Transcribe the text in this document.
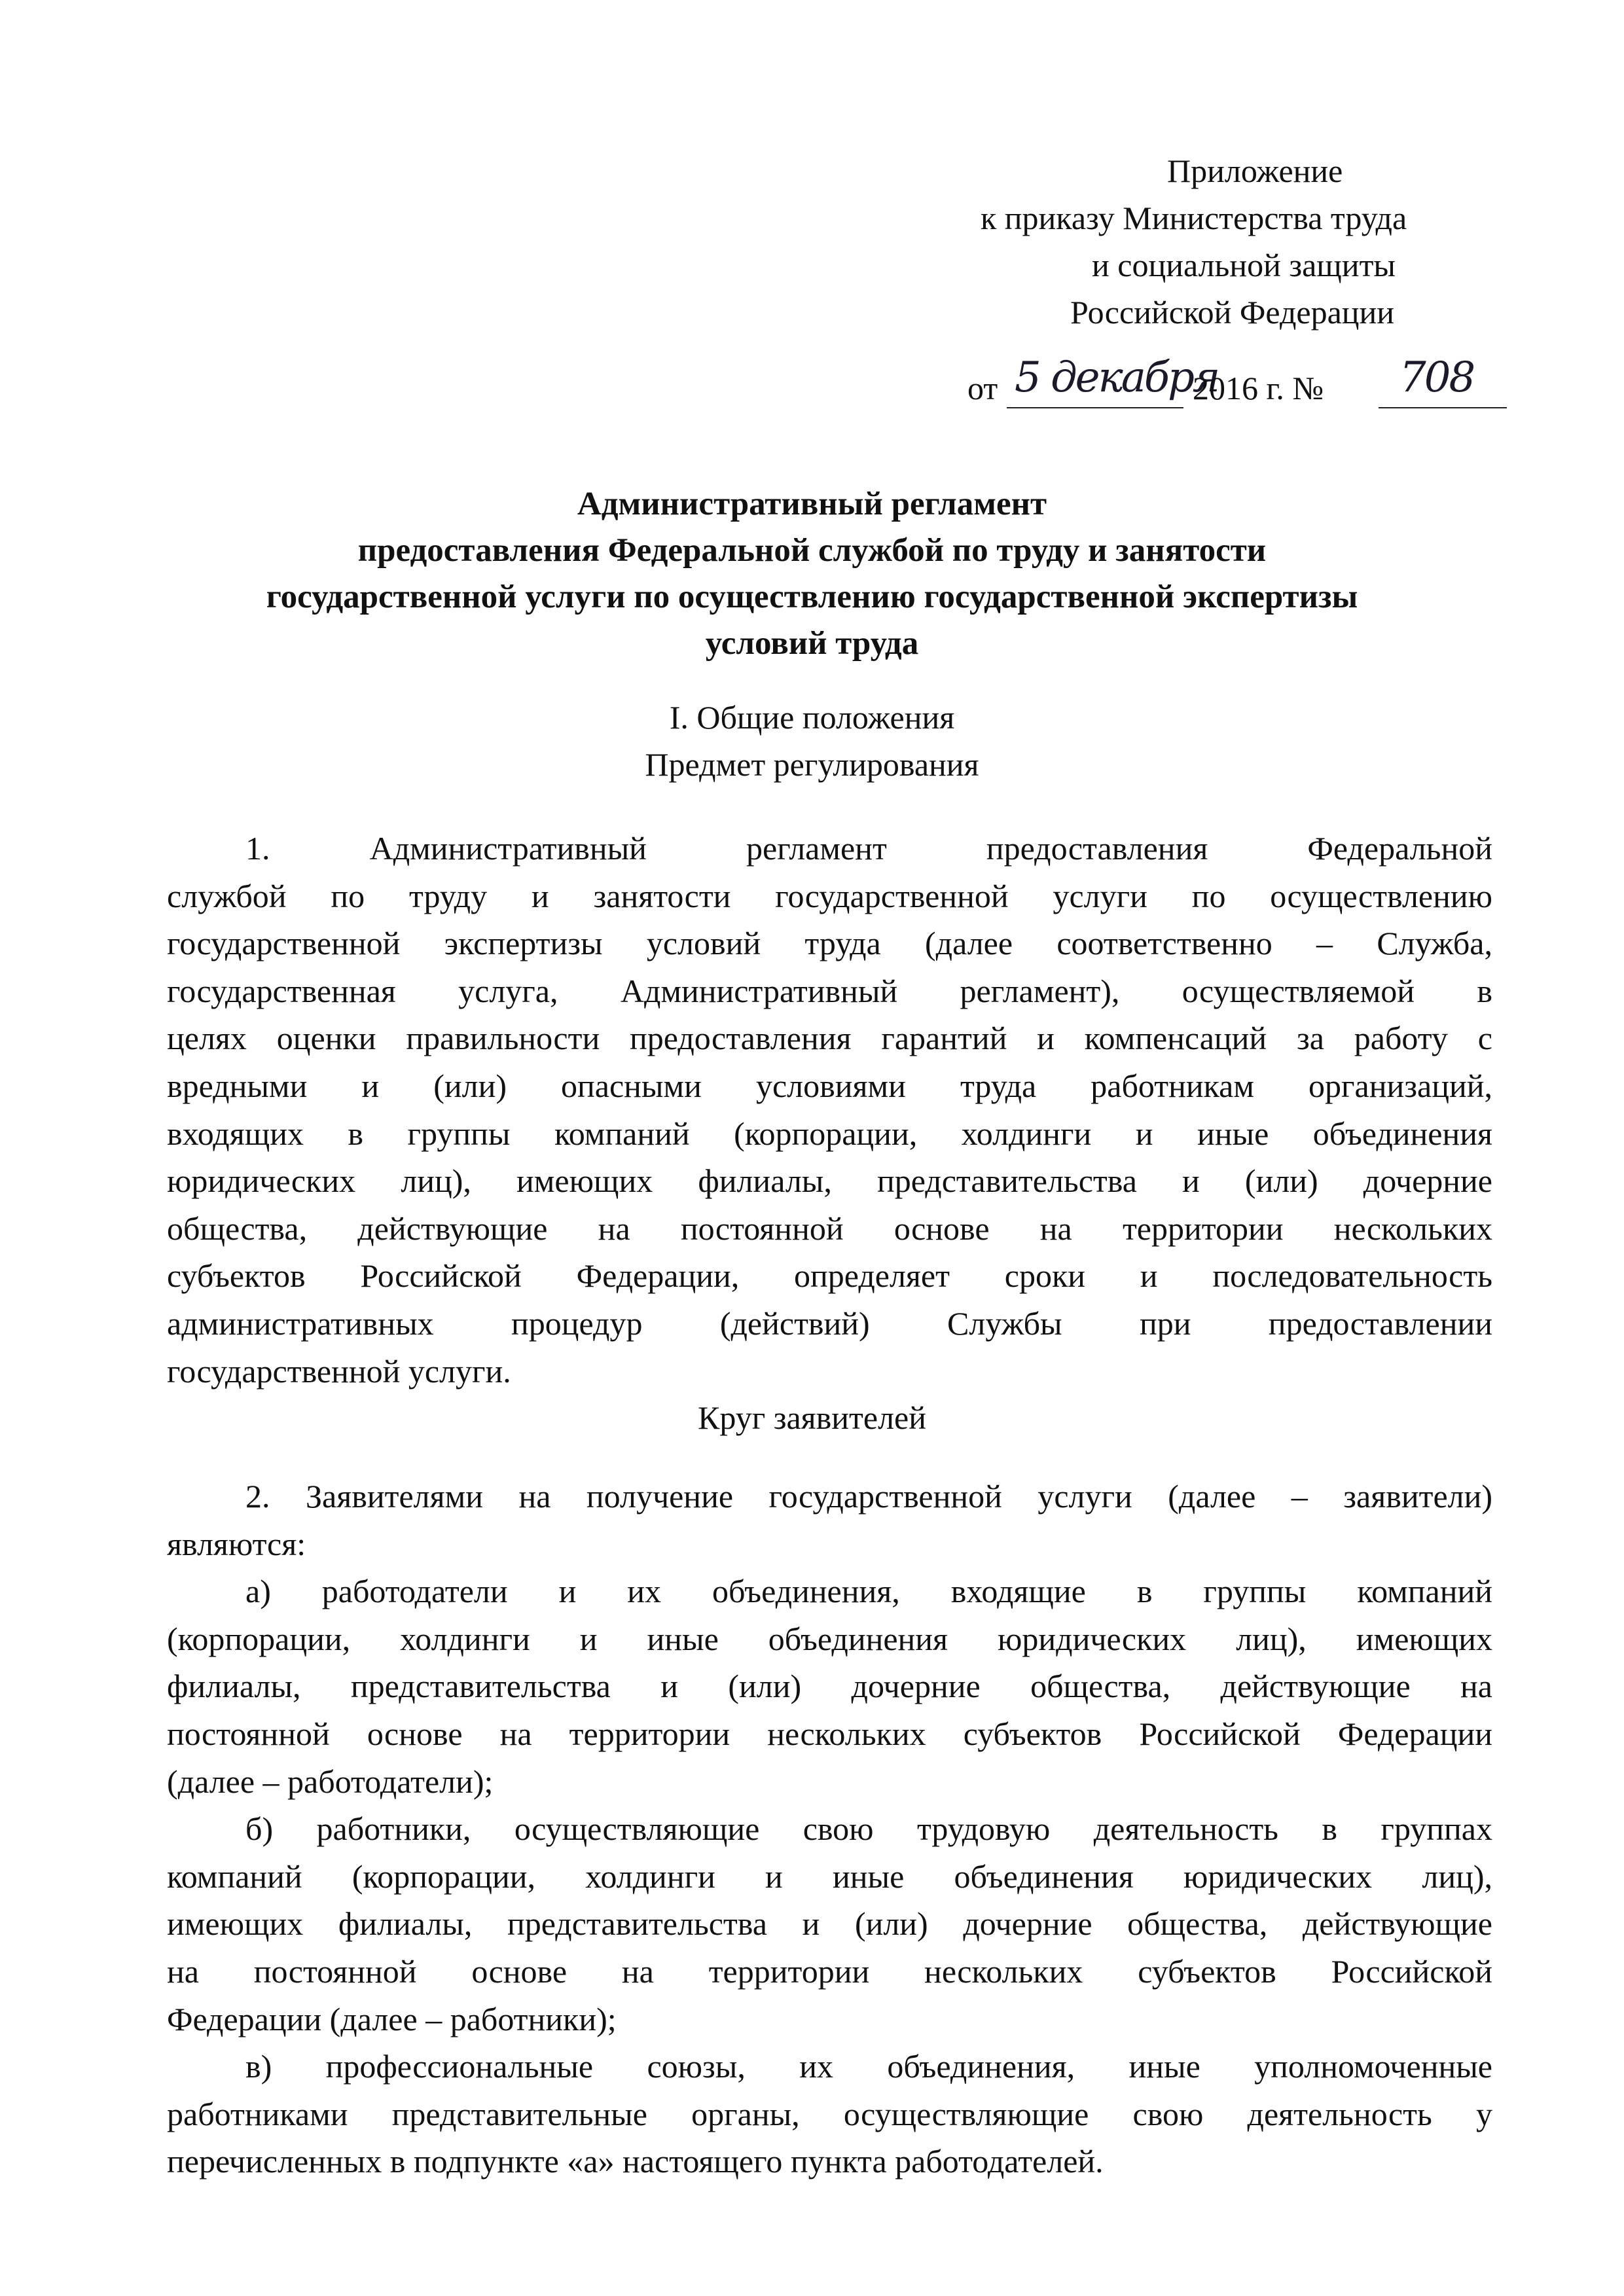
Приложение
к приказу Министерства труда
и социальной защиты
Российской Федерации
от 5 декабря
2016 г. № 708
Административный регламент
предоставления Федеральной службой по труду и занятости
государственной услуги по осуществлению государственной экспертизы
условий труда
I. Общие положения
Предмет регулирования
1. Административный регламент предоставления Федеральной
службой по труду и занятости государственной услуги по осуществлению
государственной экспертизы условий труда (далее соответственно – Служба,
государственная услуга, Административный регламент), осуществляемой в
целях оценки правильности предоставления гарантий и компенсаций за работу с
вредными и (или) опасными условиями труда работникам организаций,
входящих в группы компаний (корпорации, холдинги и иные объединения
юридических лиц), имеющих филиалы, представительства и (или) дочерние
общества, действующие на постоянной основе на территории нескольких
субъектов Российской Федерации, определяет сроки и последовательность
административных процедур (действий) Службы при предоставлении
государственной услуги.
Круг заявителей
2. Заявителями на получение государственной услуги (далее – заявители)
являются:
а) работодатели и их объединения, входящие в группы компаний
(корпорации, холдинги и иные объединения юридических лиц), имеющих
филиалы, представительства и (или) дочерние общества, действующие на
постоянной основе на территории нескольких субъектов Российской Федерации
(далее – работодатели);
б) работники, осуществляющие свою трудовую деятельность в группах
компаний (корпорации, холдинги и иные объединения юридических лиц),
имеющих филиалы, представительства и (или) дочерние общества, действующие
на постоянной основе на территории нескольких субъектов Российской
Федерации (далее – работники);
в) профессиональные союзы, их объединения, иные уполномоченные
работниками представительные органы, осуществляющие свою деятельность у
перечисленных в подпункте «а» настоящего пункта работодателей.
